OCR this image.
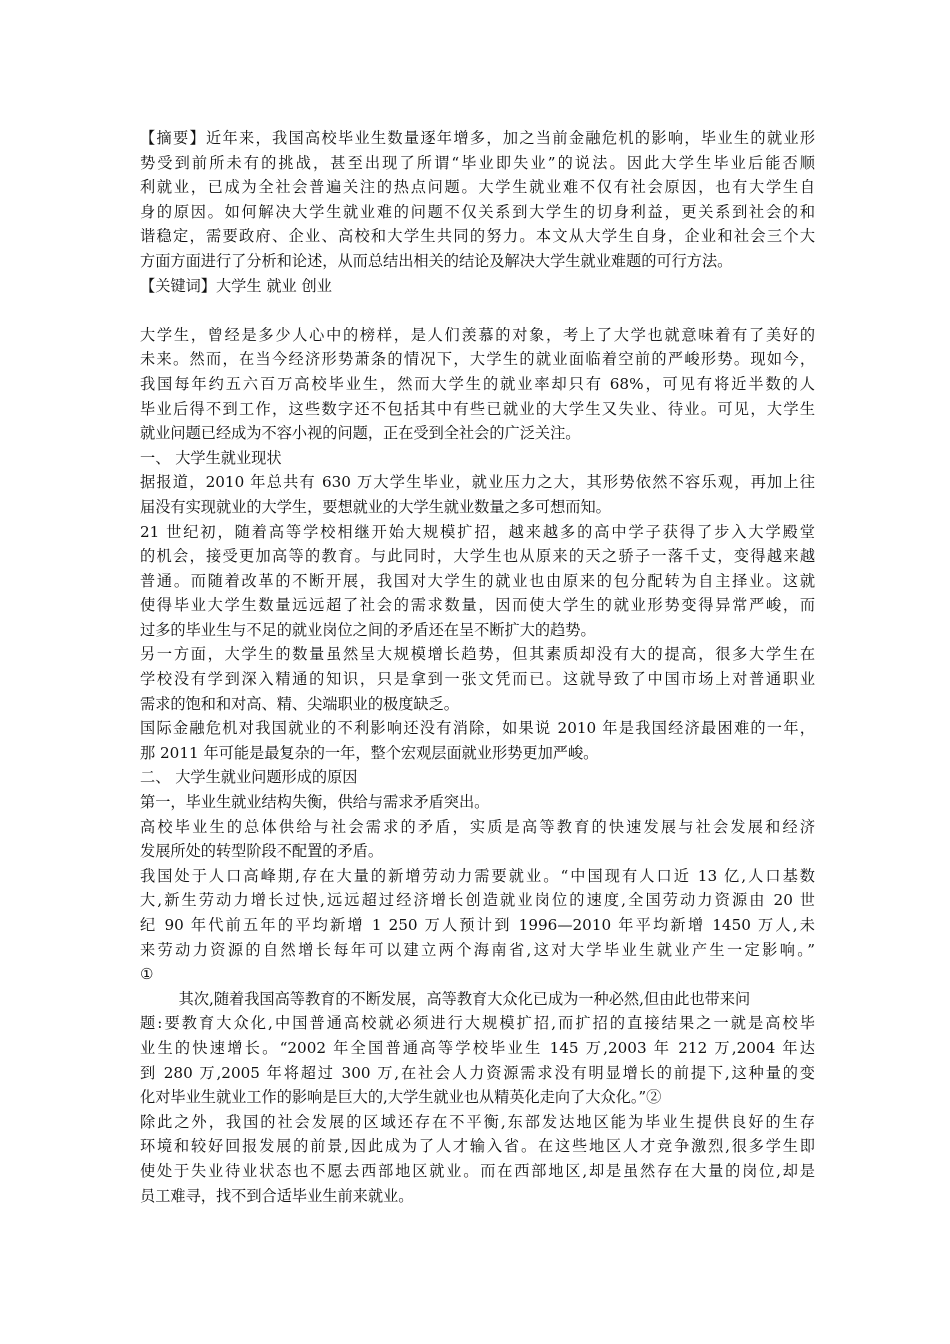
【摘要】近年来，我国高校毕业生数量逐年增多，加之当前金融危机的影响，毕业生的就业形
势受到前所未有的挑战，甚至出现了所谓“毕业即失业”的说法。因此大学生毕业后能否顺
利就业，已成为全社会普遍关注的热点问题。大学生就业难不仅有社会原因，也有大学生自
身的原因。如何解决大学生就业难的问题不仅关系到大学生的切身利益，更关系到社会的和
谐稳定，需要政府、企业、高校和大学生共同的努力。本文从大学生自身，企业和社会三个大
方面方面进行了分析和论述，从而总结出相关的结论及解决大学生就业难题的可行方法。
【关键词】大学生 就业 创业
大学生，曾经是多少人心中的榜样，是人们羡慕的对象，考上了大学也就意味着有了美好的
未来。然而，在当今经济形势萧条的情况下，大学生的就业面临着空前的严峻形势。现如今，
我国每年约五六百万高校毕业生，然而大学生的就业率却只有 68%，可见有将近半数的人
毕业后得不到工作，这些数字还不包括其中有些已就业的大学生又失业、待业。可见，大学生
就业问题已经成为不容小视的问题，正在受到全社会的广泛关注。
一、 大学生就业现状
据报道，2010 年总共有 630 万大学生毕业，就业压力之大，其形势依然不容乐观，再加上往
届没有实现就业的大学生，要想就业的大学生就业数量之多可想而知。
21 世纪初，随着高等学校相继开始大规模扩招，越来越多的高中学子获得了步入大学殿堂
的机会，接受更加高等的教育。与此同时，大学生也从原来的天之骄子一落千丈，变得越来越
普通。而随着改革的不断开展，我国对大学生的就业也由原来的包分配转为自主择业。这就
使得毕业大学生数量远远超了社会的需求数量，因而使大学生的就业形势变得异常严峻，而
过多的毕业生与不足的就业岗位之间的矛盾还在呈不断扩大的趋势。
另一方面，大学生的数量虽然呈大规模增长趋势，但其素质却没有大的提高，很多大学生在
学校没有学到深入精通的知识，只是拿到一张文凭而已。这就导致了中国市场上对普通职业
需求的饱和和对高、精、尖端职业的极度缺乏。
国际金融危机对我国就业的不利影响还没有消除，如果说 2010 年是我国经济最困难的一年，
那 2011 年可能是最复杂的一年，整个宏观层面就业形势更加严峻。
二、 大学生就业问题形成的原因
第一，毕业生就业结构失衡，供给与需求矛盾突出。
高校毕业生的总体供给与社会需求的矛盾，实质是高等教育的快速发展与社会发展和经济
发展所处的转型阶段不配置的矛盾。
我国处于人口高峰期,存在大量的新增劳动力需要就业。“中国现有人口近 13 亿,人口基数
大,新生劳动力增长过快,远远超过经济增长创造就业岗位的速度,全国劳动力资源由 20 世
纪 90 年代前五年的平均新增 1 250 万人预计到 1996—2010 年平均新增 1450 万人,未
来劳动力资源的自然增长每年可以建立两个海南省,这对大学毕业生就业产生一定影响。”
①
其次,随着我国高等教育的不断发展，高等教育大众化已成为一种必然,但由此也带来问
题:要教育大众化,中国普通高校就必须进行大规模扩招,而扩招的直接结果之一就是高校毕
业生的快速增长。“2002 年全国普通高等学校毕业生 145 万,2003 年 212 万,2004 年达
到 280 万,2005 年将超过 300 万,在社会人力资源需求没有明显增长的前提下,这种量的变
化对毕业生就业工作的影响是巨大的,大学生就业也从精英化走向了大众化。”②
除此之外，我国的社会发展的区域还存在不平衡,东部发达地区能为毕业生提供良好的生存
环境和较好回报发展的前景,因此成为了人才输入省。在这些地区人才竞争激烈,很多学生即
使处于失业待业状态也不愿去西部地区就业。而在西部地区,却是虽然存在大量的岗位,却是
员工难寻，找不到合适毕业生前来就业。
